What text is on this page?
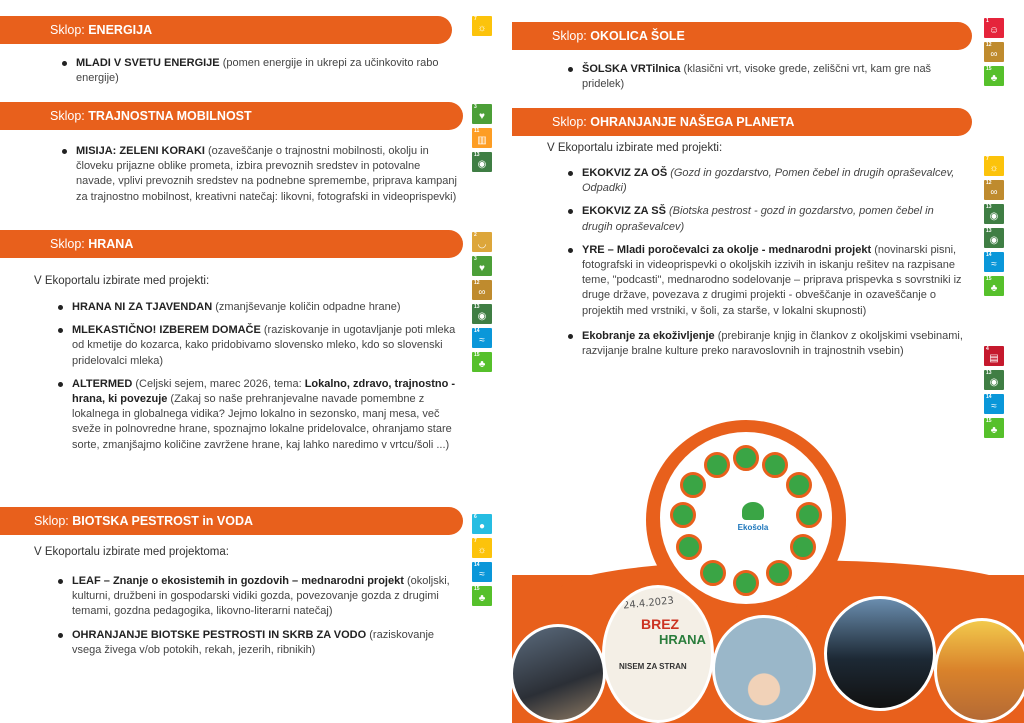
Sklop: ENERGIJA
MLADI V SVETU ENERGIJE (pomen energije in ukrepi za učinkovito rabo energije)
Sklop: TRAJNOSTNA MOBILNOST
MISIJA: ZELENI KORAKI (ozaveščanje o trajnostni mobilnosti, okolju in človeku prijazne oblike prometa, izbira prevoznih sredstev in potovalne navade, vplivi prevoznih sredstev na podnebne spremembe, priprava kampanj za trajnostno mobilnost, kreativni natečaj: likovni, fotografski in videoprispevki)
Sklop: HRANA
V Ekoportalu izbirate med projekti:
HRANA NI ZA TJAVENDAN (zmanjševanje količin odpadne hrane)
MLEKASTIČNO! IZBEREM DOMAČE (raziskovanje in ugotavljanje poti mleka od kmetije do kozarca, kako pridobivamo slovensko mleko, kdo so slovenski pridelovalci mleka)
ALTERMED (Celjski sejem, marec 2026, tema: Lokalno, zdravo, trajnostno - hrana, ki povezuje (Zakaj so naše prehranjevalne navade pomembne z lokalnega in globalnega vidika? Jejmo lokalno in sezonsko, manj mesa, več sveže in polnovredne hrane, spoznajmo lokalne pridelovalce, ohranjamo stare sorte, zmanjšajmo količine zavržene hrane, kaj lahko naredimo v vrtcu/šoli ...)
Sklop: BIOTSKA PESTROST in VODA
V Ekoportalu izbirate med projektoma:
LEAF – Znanje o ekosistemih in gozdovih – mednarodni projekt (okoljski, kulturni, družbeni in gospodarski vidiki gozda, povezovanje gozda z drugimi temami, gozdna pedagogika, likovno-literarni natečaj)
OHRANJANJE BIOTSKE PESTROSTI IN SKRB ZA VODO (raziskovanje vsega živega v/ob potokih, rekah, jezerih, ribnikih)
7
☼
3
♥
11
▥
13
◉
2
◡
3
♥
12
∞
13
◉
14
≈
15
♣
6
●
7
☼
14
≈
15
♣
Sklop: OKOLICA ŠOLE
ŠOLSKA VRTilnica (klasični vrt, visoke grede, zeliščni vrt, kam gre naš pridelek)
Sklop: OHRANJANJE NAŠEGA PLANETA
V Ekoportalu izbirate med projekti:
EKOKVIZ ZA OŠ (Gozd in gozdarstvo, Pomen čebel in drugih opraševalcev, Odpadki)
EKOKVIZ ZA SŠ (Biotska pestrost - gozd in gozdarstvo, pomen čebel in drugih opraševalcev)
YRE – Mladi poročevalci za okolje - mednarodni projekt (novinarski pisni, fotografski in videoprispevki o okoljskih izzivih in iskanju rešitev na razpisane teme, "podcasti", mednarodno sodelovanje – priprava prispevka s sovrstniki iz druge države, povezava z drugimi projekti - obveščanje in ozaveščanje o projektih med vrstniki, v šoli, za starše, v lokalni skupnosti)
Ekobranje za ekoživljenje (prebiranje knjig in člankov z okoljskimi vsebinami, razvijanje bralne kulture preko naravoslovnih in trajnostnih vsebin)
1
☺
12
∞
15
♣
7
☼
12
∞
13
◉
13
◉
14
≈
15
♣
4
▤
13
◉
14
≈
15
♣
Ekošola
24.4.2023
BREZ
HRANA
NISEM ZA STRAN
